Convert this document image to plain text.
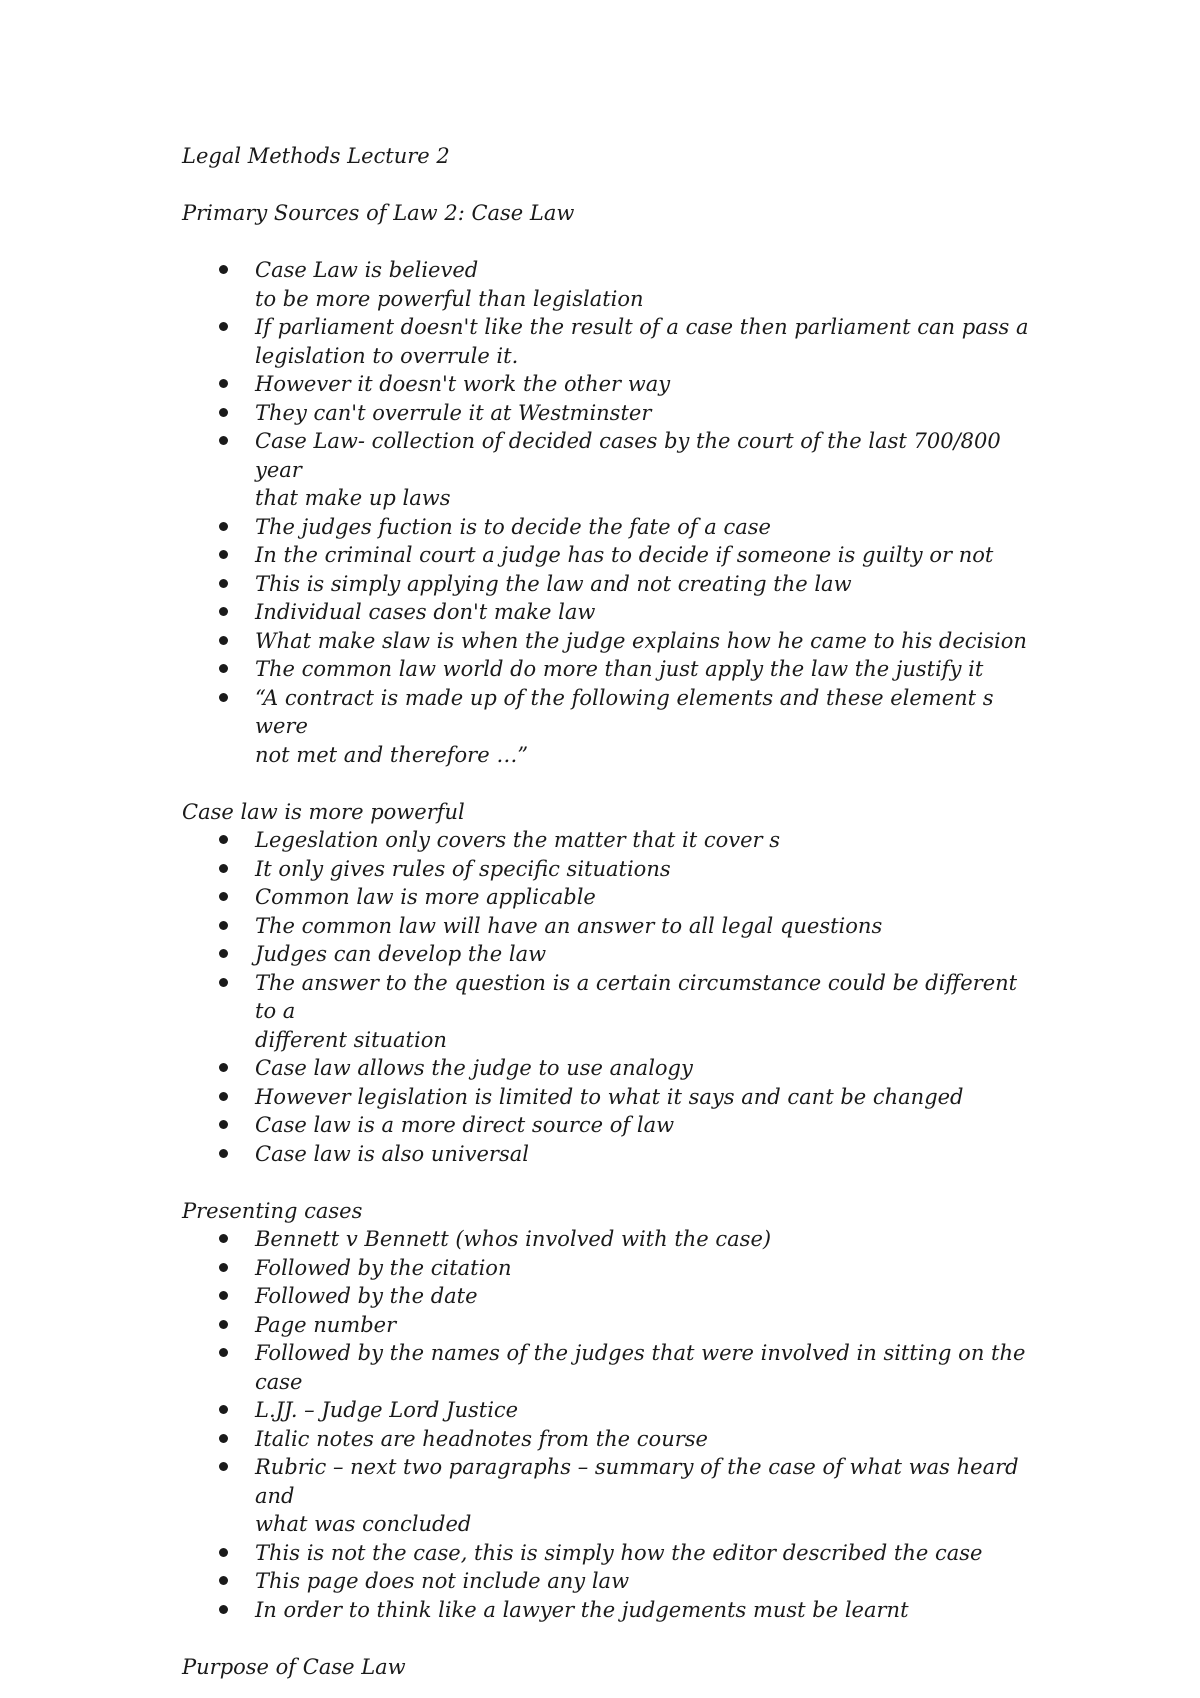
Legal Methods Lecture 2

Primary Sources of Law 2: Case Law

Case Law is believed
to be more powerful than legislation
If parliament doesn't like the result of a case then parliament can pass a
legislation to overrule it.
However it doesn't work the other way
They can't overrule it at Westminster
Case Law- collection of decided cases by the court of the last 700/800 year
that make up laws
The judges fuction is to decide the fate of a case
In the criminal court a judge has to decide if someone is guilty or not
This is simply applying the law and not creating the law
Individual cases don't make law
What make slaw is when the judge explains how he came to his decision
The common law world do more than just apply the law the justify it
“A contract is made up of the following elements and these element s were
not met and therefore …”

Case law is more powerful

Legeslation only covers the matter that it cover s
It only gives rules of specific situations
Common law is more applicable
The common law will have an answer to all legal questions
Judges can develop the law
The answer to the question is a certain circumstance could be different to a
different situation
Case law allows the judge to use analogy
However legislation is limited to what it says and cant be changed
Case law is a more direct source of law
Case law is also universal

Presenting cases

Bennett v Bennett (whos involved with the case)
Followed by the citation
Followed by the date
Page number
Followed by the names of the judges that were involved in sitting on the case
L.JJ. – Judge Lord Justice
Italic notes are headnotes from the course
Rubric – next two paragraphs – summary of the case of what was heard and
what was concluded
This is not the case, this is simply how the editor described the case
This page does not include any law
In order to think like a lawyer the judgements must be learnt

Purpose of Case Law
